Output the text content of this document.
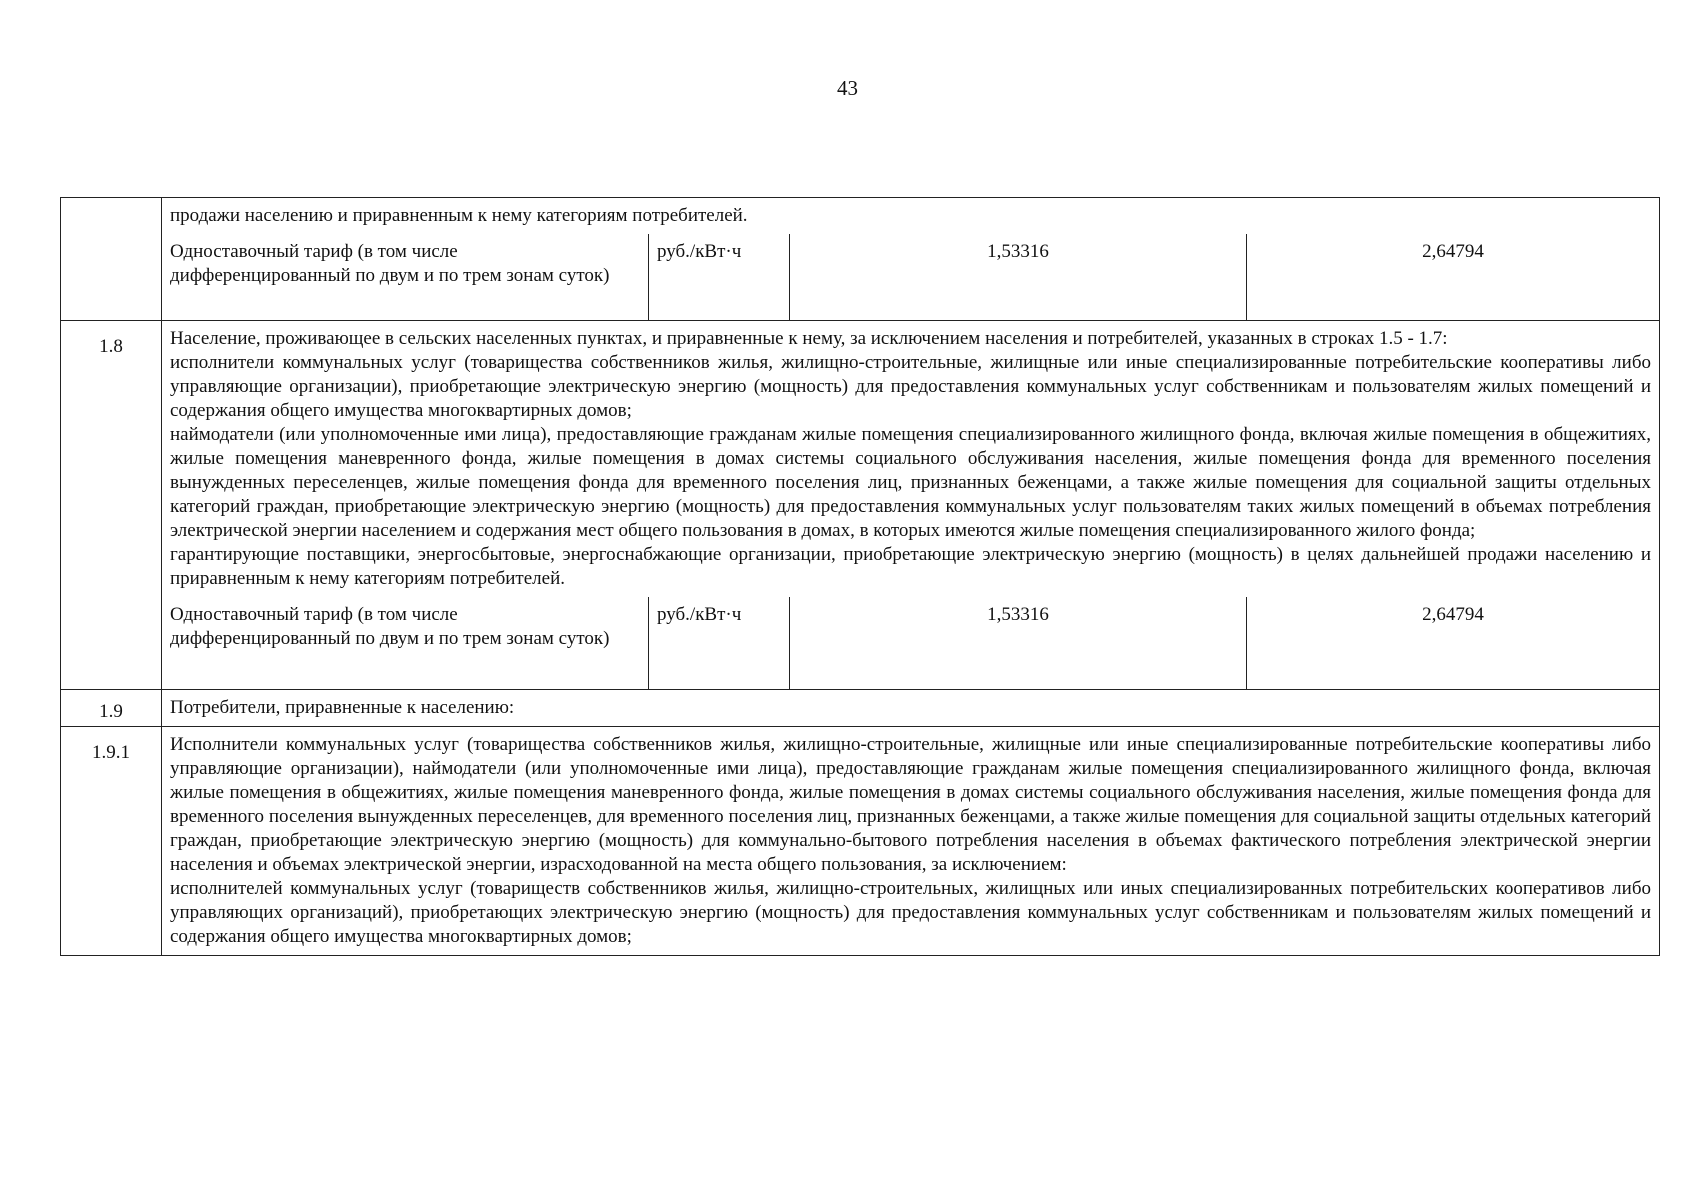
43

продажи населению и приравненным к нему категориям потребителей.

Одноставочный тариф (в том числе дифференцированный по двум и по трем зонам суток)	руб./кВт·ч	1,53316	2,64794

1.8	Население, проживающее в сельских населенных пунктах, и приравненные к нему, за исключением населения и потребителей, указанных в строках 1.5 - 1.7:

исполнители коммунальных услуг (товарищества собственников жилья, жилищно-строительные, жилищные или иные специализированные потребительские кооперативы либо управляющие организации), приобретающие электрическую энергию (мощность) для предоставления коммунальных услуг собственникам и пользователям жилых помещений и содержания общего имущества многоквартирных домов;

наймодатели (или уполномоченные ими лица), предоставляющие гражданам жилые помещения специализированного жилищного фонда, включая жилые помещения в общежитиях, жилые помещения маневренного фонда, жилые помещения в домах системы социального обслуживания населения, жилые помещения фонда для временного поселения вынужденных переселенцев, жилые помещения фонда для временного поселения лиц, признанных беженцами, а также жилые помещения для социальной защиты отдельных категорий граждан, приобретающие электрическую энергию (мощность) для предоставления коммунальных услуг пользователям таких жилых помещений в объемах потребления электрической энергии населением и содержания мест общего пользования в домах, в которых имеются жилые помещения специализированного жилого фонда;

гарантирующие поставщики, энергосбытовые, энергоснабжающие организации, приобретающие электрическую энергию (мощность) в целях дальнейшей продажи населению и приравненным к нему категориям потребителей.

Одноставочный тариф (в том числе дифференцированный по двум и по трем зонам суток)	руб./кВт·ч	1,53316	2,64794

1.9	Потребители, приравненные к населению:

1.9.1	Исполнители коммунальных услуг (товарищества собственников жилья, жилищно-строительные, жилищные или иные специализированные потребительские кооперативы либо управляющие организации), наймодатели (или уполномоченные ими лица), предоставляющие гражданам жилые помещения специализированного жилищного фонда, включая жилые помещения в общежитиях, жилые помещения маневренного фонда, жилые помещения в домах системы социального обслуживания населения, жилые помещения фонда для временного поселения вынужденных переселенцев, для временного поселения лиц, признанных беженцами, а также жилые помещения для социальной защиты отдельных категорий граждан, приобретающие электрическую энергию (мощность) для коммунально-бытового потребления населения в объемах фактического потребления электрической энергии населения и объемах электрической энергии, израсходованной на места общего пользования, за исключением:

исполнителей коммунальных услуг (товариществ собственников жилья, жилищно-строительных, жилищных или иных специализированных потребительских кооперативов либо управляющих организаций), приобретающих электрическую энергию (мощность) для предоставления коммунальных услуг собственникам и пользователям жилых помещений и содержания общего имущества многоквартирных домов;
